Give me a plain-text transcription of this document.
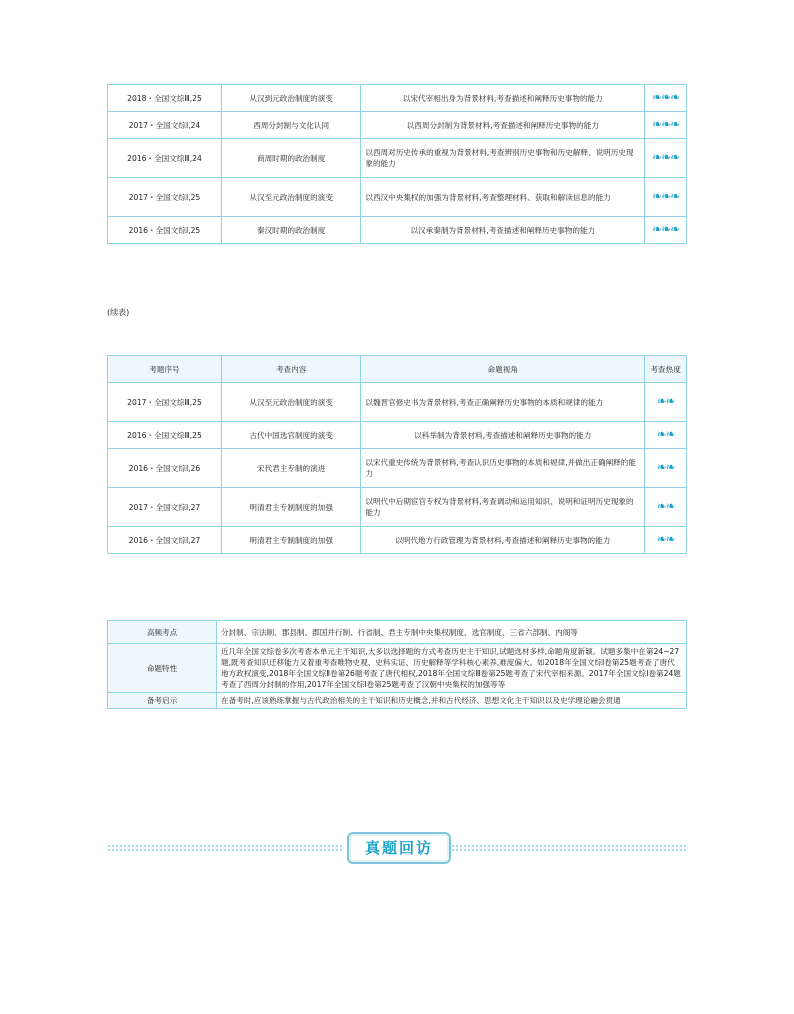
2018・全国文综Ⅲ,25	从汉到元政治制度的演变	以宋代宰相出身为背景材料,考查描述和阐释历史事物的能力	❧❧❧
2017・全国文综Ⅰ,24	西周分封制与文化认同	以西周分封制为背景材料,考查描述和阐释历史事物的能力	❧❧❧
2016・全国文综Ⅲ,24	商周时期的政治制度	以西周对历史传承的重视为背景材料,考查辨别历史事物和历史解释、说明历史现象的能力	❧❧❧
2017・全国文综Ⅰ,25	从汉至元政治制度的演变	以西汉中央集权的加强为背景材料,考查整理材料、获取和解读信息的能力	❧❧❧
2016・全国文综Ⅰ,25	秦汉时期的政治制度	以汉承秦制为背景材料,考查描述和阐释历史事物的能力	❧❧❧
(续表)
考题序号	考查内容	命题视角	考查热度
2017・全国文综Ⅲ,25	从汉至元政治制度的演变	以魏晋官修史书为背景材料,考查正确阐释历史事物的本质和规律的能力	❧❧
2016・全国文综Ⅲ,25	古代中国选官制度的演变	以科举制为背景材料,考查描述和阐释历史事物的能力	❧❧
2016・全国文综Ⅰ,26	宋代君主专制的演进	以宋代重史传统为背景材料,考查认识历史事物的本质和规律,并做出正确阐释的能力	❧❧
2017・全国文综Ⅰ,27	明清君主专制制度的加强	以明代中后期宦官专权为背景材料,考查调动和运用知识、说明和证明历史现象的能力	❧❧
2016・全国文综Ⅰ,27	明清君主专制制度的加强	以明代地方行政管理为背景材料,考查描述和阐释历史事物的能力	❧❧
高频考点	分封制、宗法制、郡县制、郡国并行制、行省制、君主专制中央集权制度、选官制度、三省六部制、内阁等
命题特性	近几年全国文综卷多次考查本单元主干知识,大多以选择题的方式考查历史主干知识,试题选材多样,命题角度新颖。试题多集中在第24~27题,既考查知识迁移能力又着重考查唯物史观、史料实证、历史解释等学科核心素养,难度偏大。如2018年全国文综Ⅰ卷第25题考查了唐代地方政权演变,2018年全国文综Ⅱ卷第26题考查了唐代相权,2018年全国文综Ⅲ卷第25题考查了宋代宰相来源。2017年全国文综Ⅰ卷第24题考查了西周分封制的作用,2017年全国文综Ⅰ卷第25题考查了汉朝中央集权的加强等等
备考启示	在备考时,应该熟练掌握与古代政治相关的主干知识和历史概念,并和古代经济、思想文化主干知识以及史学理论融会贯通
真题回访
